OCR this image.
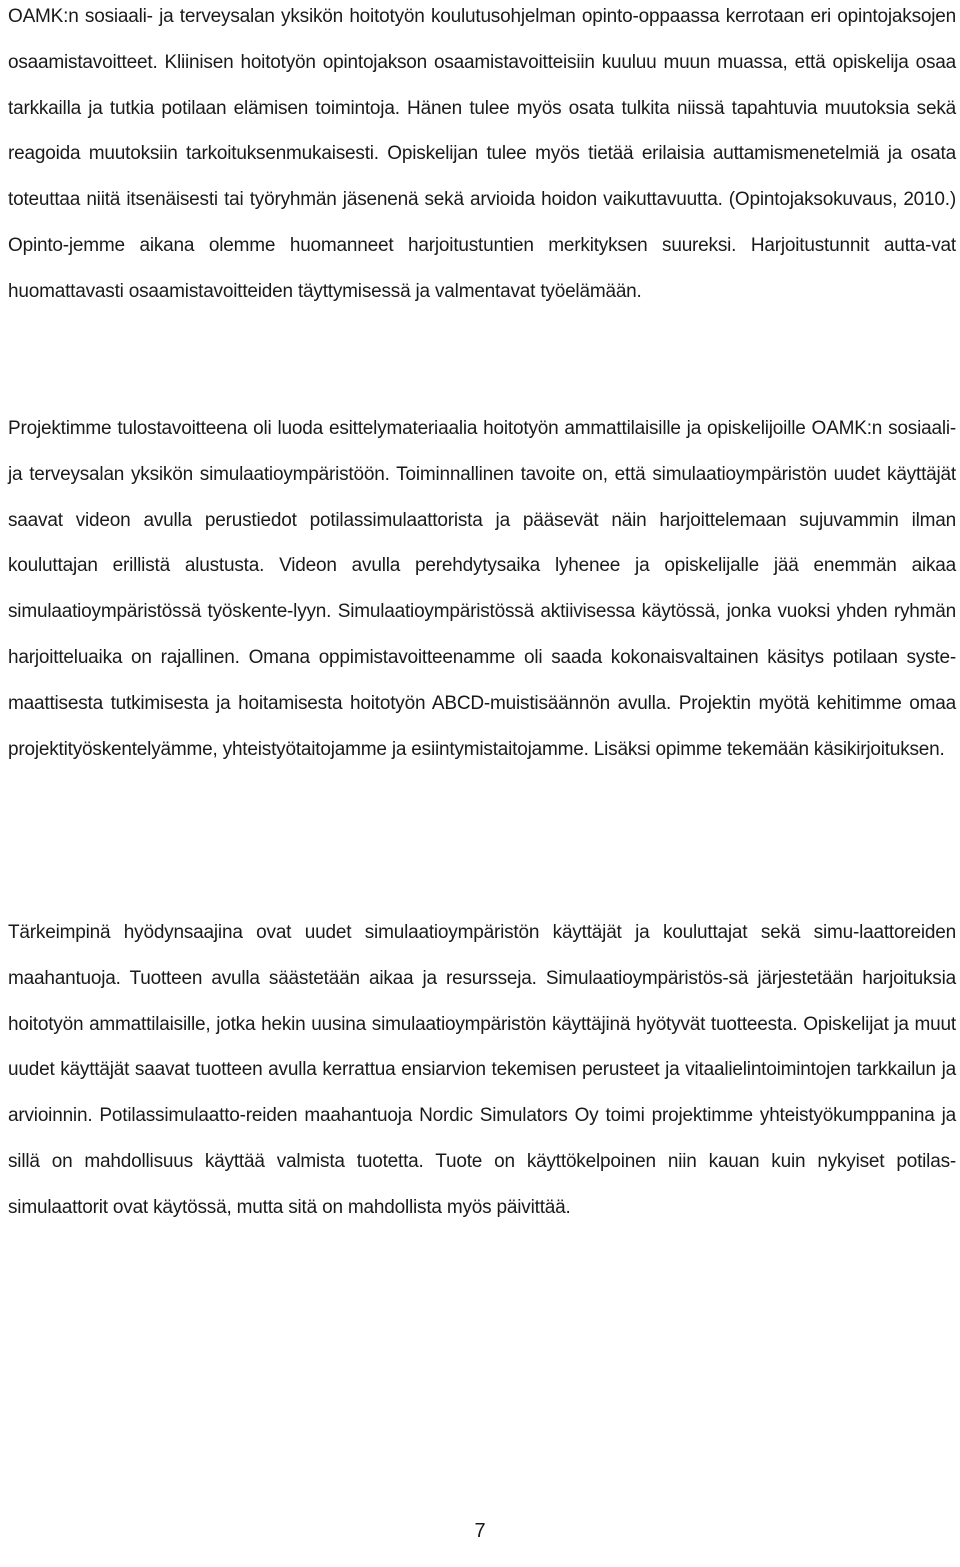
OAMK:n sosiaali- ja terveysalan yksikön hoitotyön koulutusohjelman opinto-oppaassa kerrotaan eri opintojaksojen osaamistavoitteet. Kliinisen hoitotyön opintojakson osaamistavoitteisiin kuuluu muun muassa, että opiskelija osaa tarkkailla ja tutkia potilaan elämisen toimintoja. Hänen tulee myös osata tulkita niissä tapahtuvia muutoksia sekä reagoida muutoksiin tarkoituksenmukaisesti. Opiskelijan tulee myös tietää erilaisia auttamismenetelmiä ja osata toteuttaa niitä itsenäisesti tai työryhmän jäsenenä sekä arvioida hoidon vaikuttavuutta. (Opintojaksokuvaus, 2010.) Opinto-jemme aikana olemme huomanneet harjoitustuntien merkityksen suureksi. Harjoitustunnit autta-vat huomattavasti osaamistavoitteiden täyttymisessä ja valmentavat työelämään.

Projektimme tulostavoitteena oli luoda esittelymateriaalia hoitotyön ammattilaisille ja opiskelijoille OAMK:n sosiaali- ja terveysalan yksikön simulaatioympäristöön. Toiminnallinen tavoite on, että simulaatioympäristön uudet käyttäjät saavat videon avulla perustiedot potilassimulaattorista ja pääsevät näin harjoittelemaan sujuvammin ilman kouluttajan erillistä alustusta. Videon avulla perehdytysaika lyhenee ja opiskelijalle jää enemmän aikaa simulaatioympäristössä työskente-lyyn. Simulaatioympäristössä aktiivisessa käytössä, jonka vuoksi yhden ryhmän harjoitteluaika on rajallinen. Omana oppimistavoitteenamme oli saada kokonaisvaltainen käsitys potilaan syste-maattisesta tutkimisesta ja hoitamisesta hoitotyön ABCD-muistisäännön avulla. Projektin myötä kehitimme omaa projektityöskentelyämme, yhteistyötaitojamme ja esiintymistaitojamme. Lisäksi opimme tekemään käsikirjoituksen.

Tärkeimpinä hyödynsaajina ovat uudet simulaatioympäristön käyttäjät ja kouluttajat sekä simu-laattoreiden maahantuoja. Tuotteen avulla säästetään aikaa ja resursseja. Simulaatioympäristös-sä järjestetään harjoituksia hoitotyön ammattilaisille, jotka hekin uusina simulaatioympäristön käyttäjinä hyötyvät tuotteesta. Opiskelijat ja muut uudet käyttäjät saavat tuotteen avulla kerrattua ensiarvion tekemisen perusteet ja vitaalielintoimintojen tarkkailun ja arvioinnin. Potilassimulaatto-reiden maahantuoja Nordic Simulators Oy toimi projektimme yhteistyökumppanina ja sillä on mahdollisuus käyttää valmista tuotetta. Tuote on käyttökelpoinen niin kauan kuin nykyiset potilas-simulaattorit ovat käytössä, mutta sitä on mahdollista myös päivittää.

7
